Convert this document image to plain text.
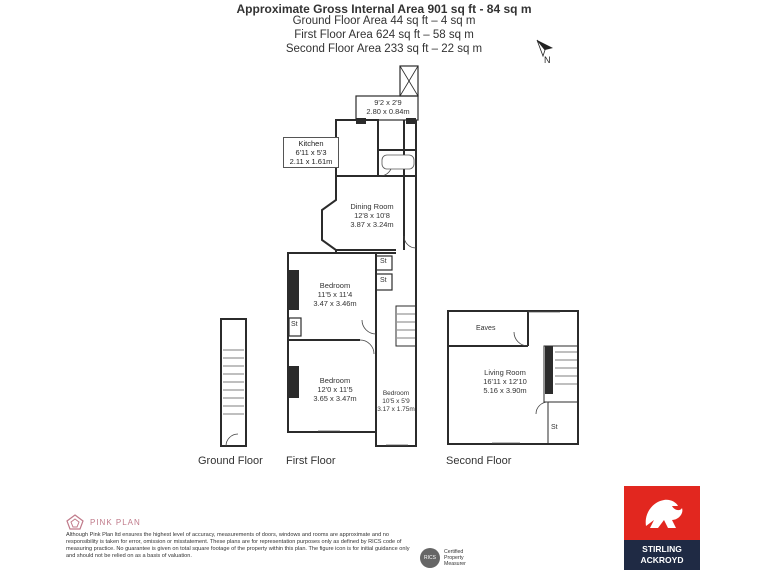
Approximate Gross Internal Area 901 sq ft - 84 sq m
Ground Floor Area 44 sq ft – 4 sq m
First Floor Area 624 sq ft – 58 sq m
Second Floor Area 233 sq ft – 22 sq m
N
9'2 x 2'9
2.80 x 0.84m
Kitchen
6'11 x 5'3
2.11 x 1.61m
Dining Room
12'8 x 10'8
3.87 x 3.24m
Bedroom
11'5 x 11'4
3.47 x 3.46m
Bedroom
12'0 x 11'5
3.65 x 3.47m
Bedroom
10'5 x 5'9
3.17 x 1.75m
Living Room
16'11 x 12'10
5.16 x 3.90m
Eaves
St
St
St
St
Ground Floor First Floor	Second Floor
PINK PLAN
Although Pink Plan ltd ensures the highest level of accuracy, measurements of doors, windows and rooms are approximate and no responsibility is taken for error, omission or misstatement. These plans are for representation purposes only as defined by RICS code of measuring practice. No guarantee is given on total square footage of the property within this plan. The figure icon is for initial guidance only and should not be relied on as a basis of valuation.	RICS
Certified
Property
Measurer
STIRLING
ACKROYD
